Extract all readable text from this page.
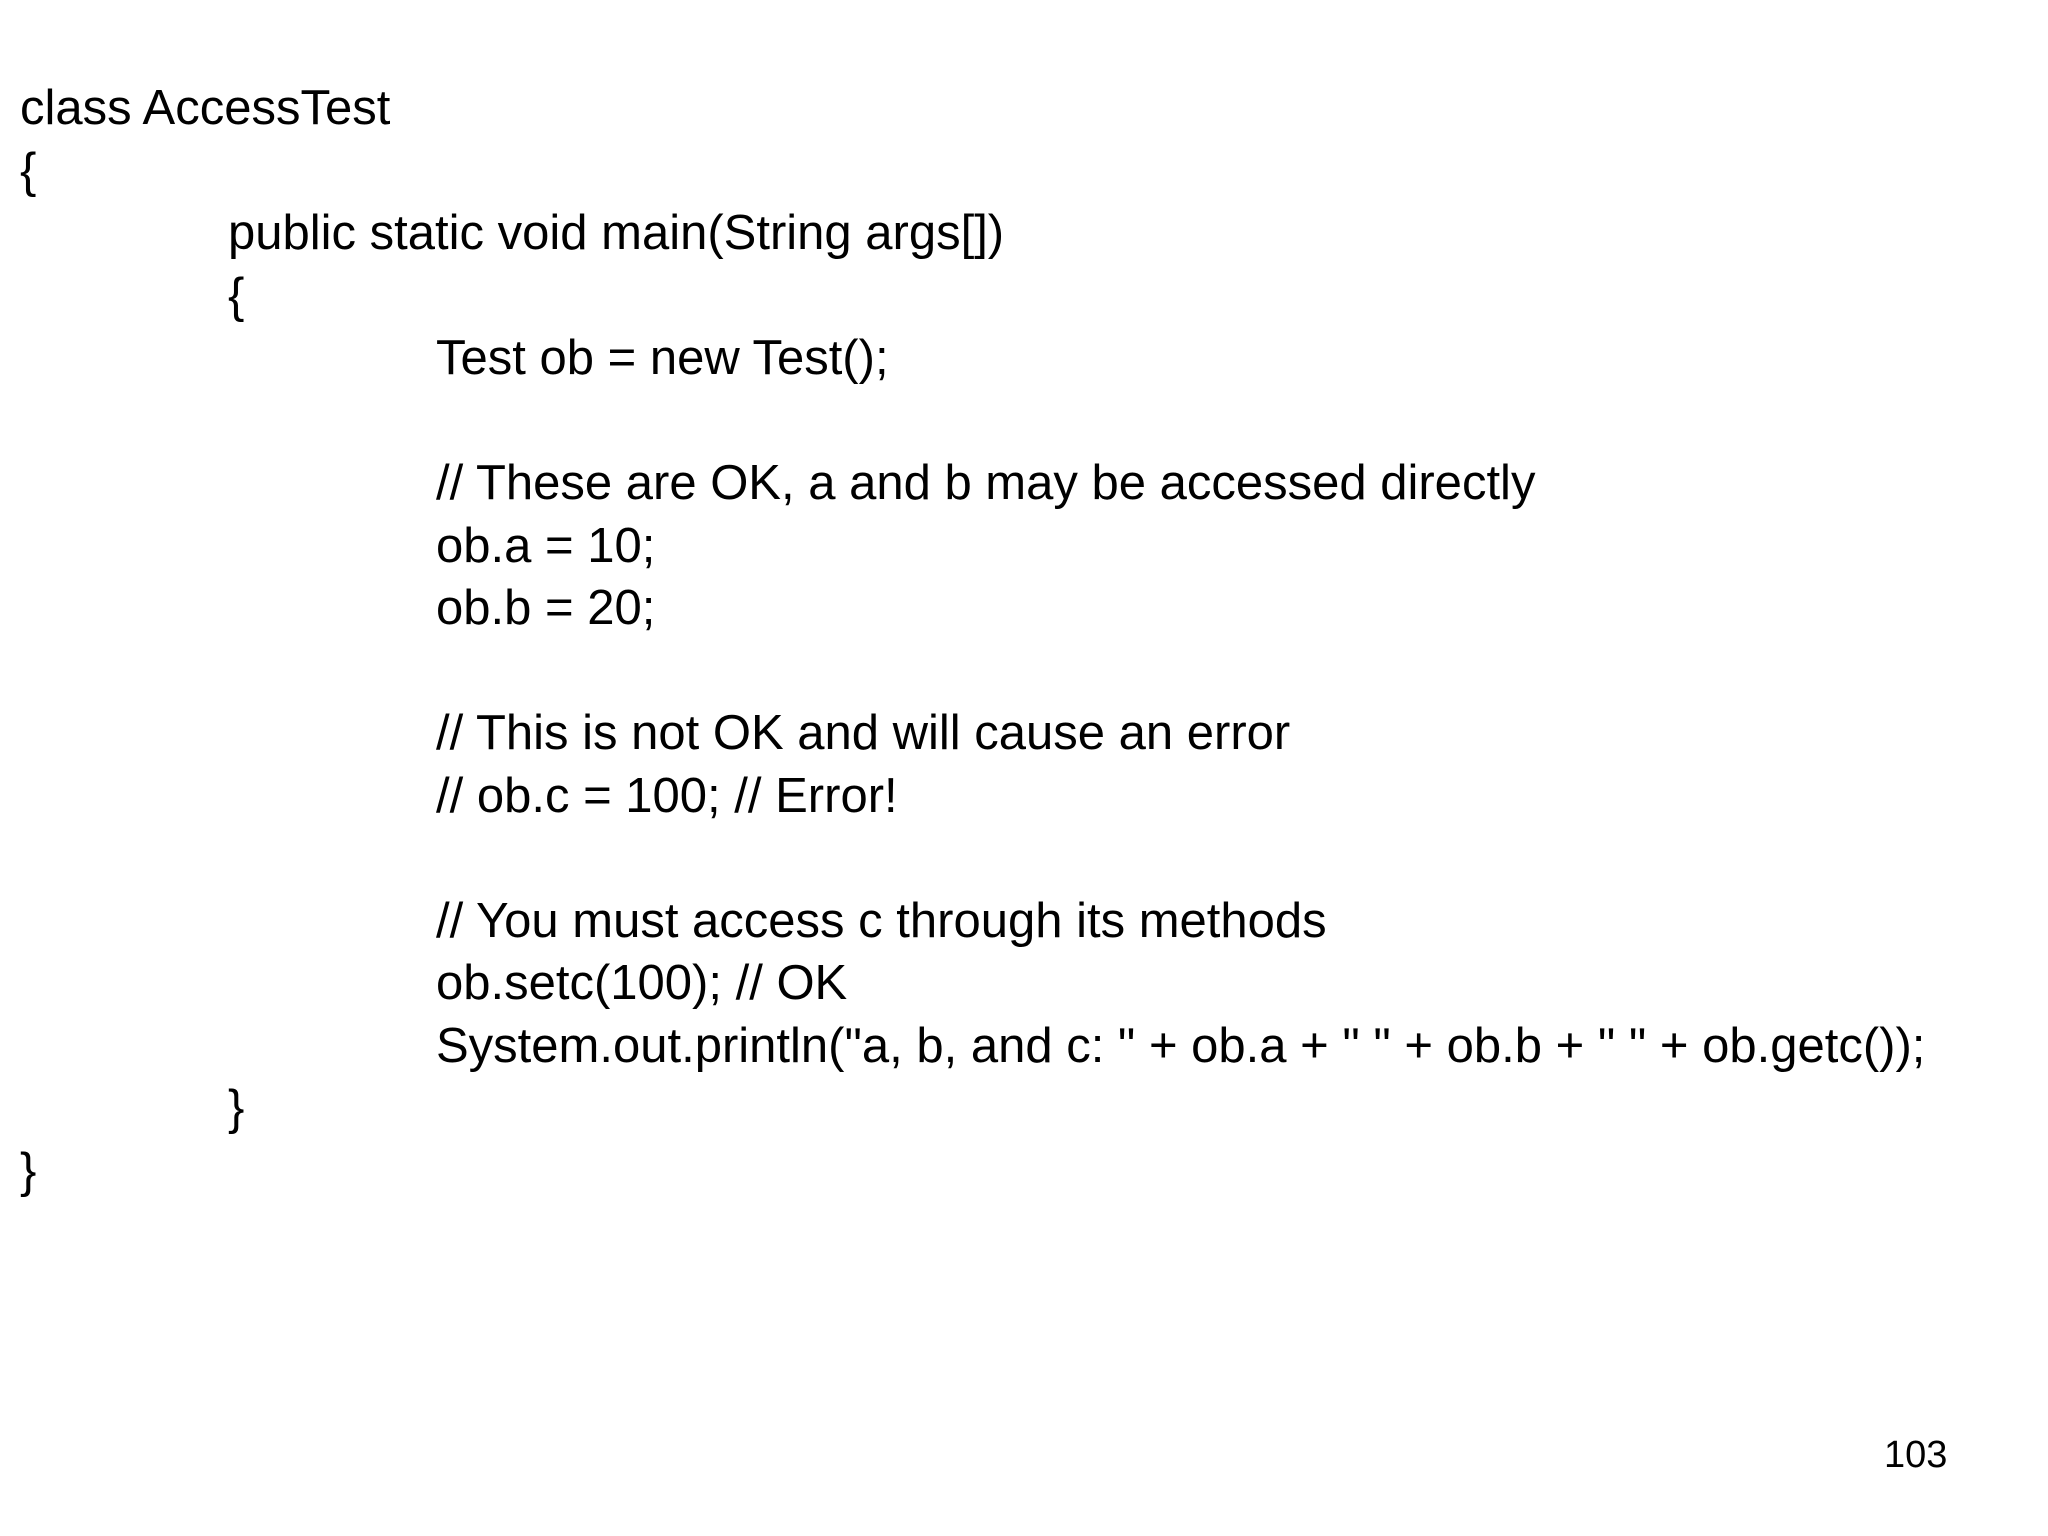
class AccessTest
{
public static void main(String args[])
{
Test ob = new Test();
// These are OK, a and b may be accessed directly
ob.a = 10;
ob.b = 20;
// This is not OK and will cause an error
// ob.c = 100; // Error!
// You must access c through its methods
ob.setc(100); // OK
System.out.println("a, b, and c: " + ob.a + " " + ob.b + " " + ob.getc());
}
}
103
